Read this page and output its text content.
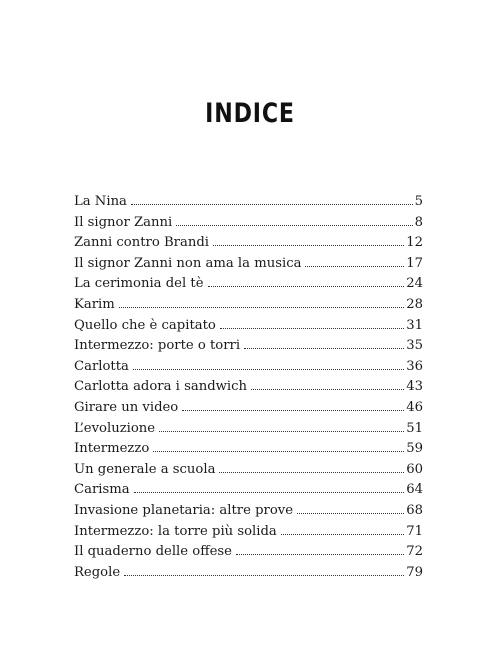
INDICE
La Nina	5
Il signor Zanni	8
Zanni contro Brandi	12
Il signor Zanni non ama la musica	17
La cerimonia del tè	24
Karim	28
Quello che è capitato	31
Intermezzo: porte o torri	35
Carlotta	36
Carlotta adora i sandwich	43
Girare un video	46
L’evoluzione	51
Intermezzo	59
Un generale a scuola	60
Carisma	64
Invasione planetaria: altre prove	68
Intermezzo: la torre più solida	71
Il quaderno delle offese	72
Regole	79
